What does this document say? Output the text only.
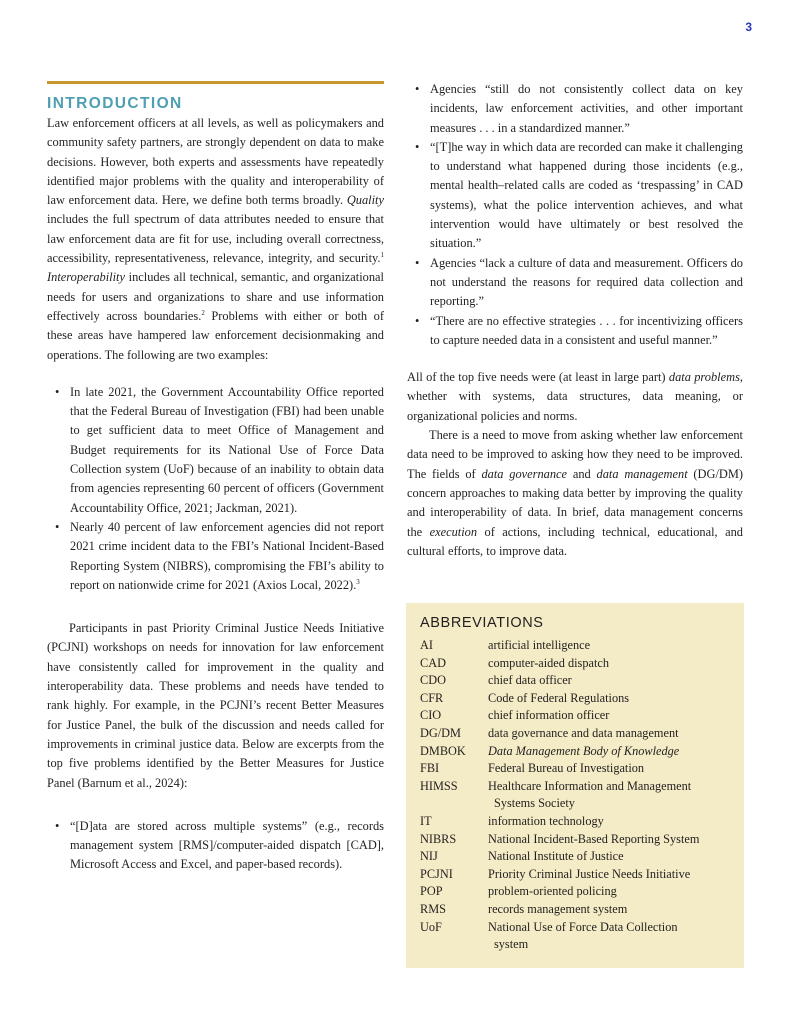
3
INTRODUCTION

Law enforcement officers at all levels, as well as policymakers and community safety partners, are strongly dependent on data to make decisions. However, both experts and assessments have repeatedly identified major problems with the quality and interoperability of law enforcement data. Here, we define both terms broadly. Quality includes the full spectrum of data attributes needed to ensure that law enforcement data are fit for use, including overall correctness, accessibility, representativeness, relevance, integrity, and security.$^1$ Interoperability includes all technical, semantic, and organizational needs for users and organizations to share and use information effectively across boundaries.$^2$ Problems with either or both of these areas have hampered law enforcement decisionmaking and operations. The following are two examples:

• In late 2021, the Government Accountability Office reported that the Federal Bureau of Investigation (FBI) had been unable to get sufficient data to meet Office of Management and Budget requirements for its National Use of Force Data Collection system (UoF) because of an inability to obtain data from agencies representing 60 percent of officers (Government Accountability Office, 2021; Jackman, 2021).
• Nearly 40 percent of law enforcement agencies did not report 2021 crime incident data to the FBI’s National Incident-Based Reporting System (NIBRS), compromising the FBI’s ability to report on nationwide crime for 2021 (Axios Local, 2022).$^3$

Participants in past Priority Criminal Justice Needs Initiative (PCJNI) workshops on needs for innovation for law enforcement have consistently called for improvement in the quality and interoperability data. These problems and needs have tended to rank highly. For example, in the PCJNI’s recent Better Measures for Justice Panel, the bulk of the discussion and needs called for improvements in criminal justice data. Below are excerpts from the top five problems identified by the Better Measures for Justice Panel (Barnum et al., 2024):

• “[D]ata are stored across multiple systems” (e.g., records management system [RMS]/computer-aided dispatch [CAD], Microsoft Access and Excel, and paper-based records).
• Agencies “still do not consistently collect data on key incidents, law enforcement activities, and other important measures . . . in a standardized manner.”
• “[T]he way in which data are recorded can make it challenging to understand what happened during those incidents (e.g., mental health–related calls are coded as ‘trespassing’ in CAD systems), what the police intervention achieves, and what intervention would have ultimately or best resolved the situation.”
• Agencies “lack a culture of data and measurement. Officers do not understand the reasons for required data collection and reporting.”
• “There are no effective strategies . . . for incentivizing officers to capture needed data in a consistent and useful manner.”

All of the top five needs were (at least in large part) data problems, whether with systems, data structures, data meaning, or organizational policies and norms.

There is a need to move from asking whether law enforcement data need to be improved to asking how they need to be improved. The fields of data governance and data management (DG/DM) concern approaches to making data better by improving the quality and interoperability of data. In brief, data management concerns the execution of actions, including technical, educational, and cultural efforts, to improve data.

ABBREVIATIONS
AI	artificial intelligence
CAD	computer-aided dispatch
CDO	chief data officer
CFR	Code of Federal Regulations
CIO	chief information officer
DG/DM	data governance and data management
DMBOK	Data Management Body of Knowledge
FBI	Federal Bureau of Investigation
HIMSS	Healthcare Information and Management
Systems Society
IT	information technology
NIBRS	National Incident-Based Reporting System
NIJ	National Institute of Justice
PCJNI	Priority Criminal Justice Needs Initiative
POP	problem-oriented policing
RMS	records management system
UoF	National Use of Force Data Collection
system
